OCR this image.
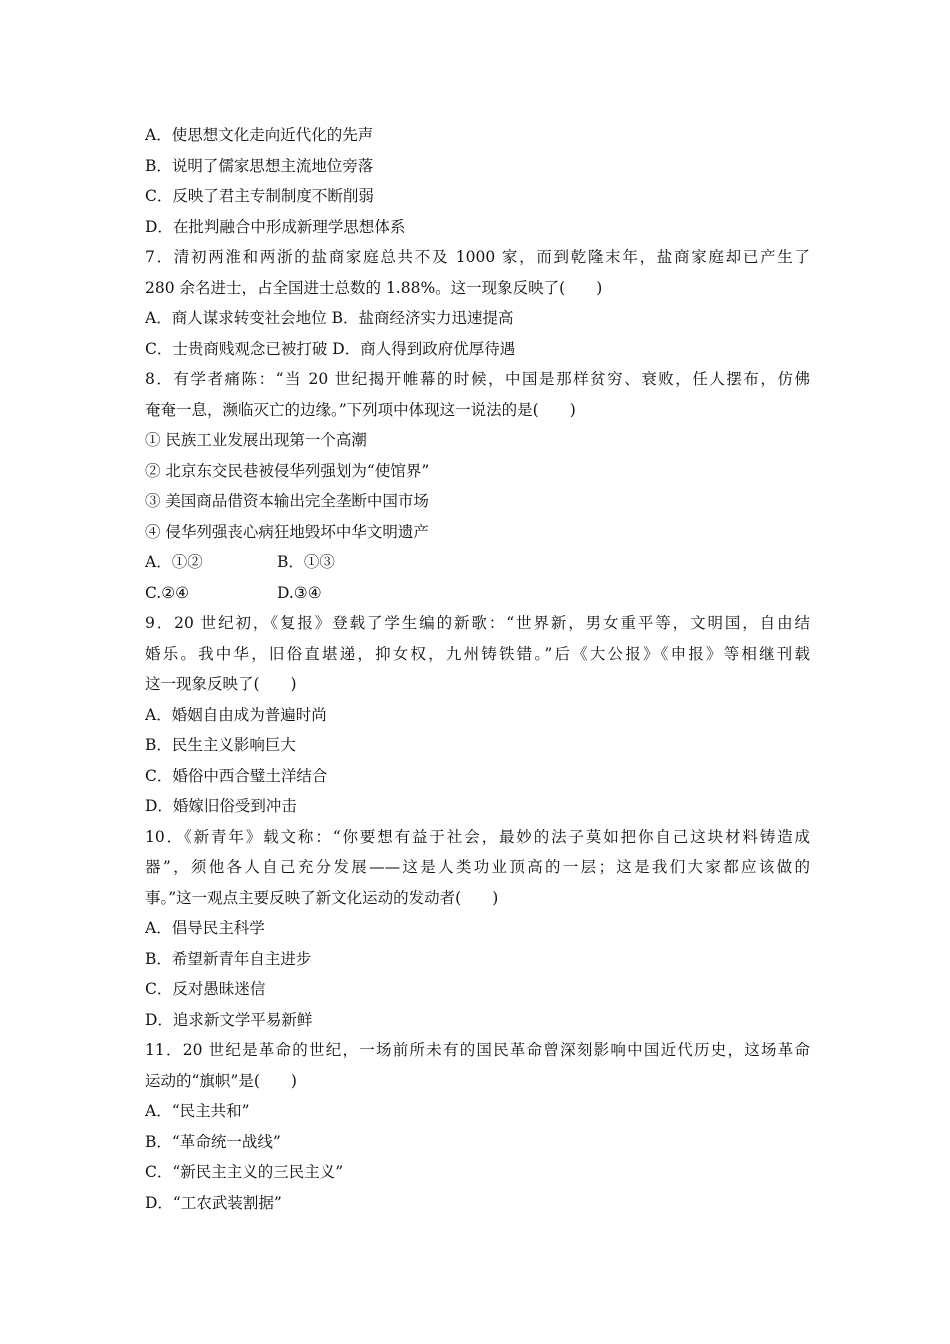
A．使思想文化走向近代化的先声
B．说明了儒家思想主流地位旁落
C．反映了君主专制制度不断削弱
D．在批判融合中形成新理学思想体系
7．清初两淮和两浙的盐商家庭总共不及 1000 家，而到乾隆末年，盐商家庭却已产生了
280 余名进士，占全国进士总数的 1.88%。这一现象反映了(　　)
A．商人谋求转变社会地位 B．盐商经济实力迅速提高
C．士贵商贱观念已被打破 D．商人得到政府优厚待遇
8．有学者痛陈：“当 20 世纪揭开帷幕的时候，中国是那样贫穷、衰败，任人摆布，仿佛
奄奄一息，濒临灭亡的边缘。”下列项中体现这一说法的是(　　)
① 民族工业发展出现第一个高潮
② 北京东交民巷被侵华列强划为“使馆界”
③ 美国商品借资本输出完全垄断中国市场
④ 侵华列强丧心病狂地毁坏中华文明遗产
A．①②	B．①③
C.②④	D.③④
9．20 世纪初，《复报》登载了学生编的新歌：“世界新，男女重平等，文明国，自由结
婚乐。我中华，旧俗直堪递，抑女权，九州铸铁错。”后《大公报》《申报》等相继刊载
这一现象反映了(　　)
A．婚姻自由成为普遍时尚
B．民生主义影响巨大
C．婚俗中西合璧土洋结合
D．婚嫁旧俗受到冲击
10．《新青年》载文称：“你要想有益于社会，最妙的法子莫如把你自己这块材料铸造成
器”，须他各人自己充分发展——这是人类功业顶高的一层；这是我们大家都应该做的
事。”这一观点主要反映了新文化运动的发动者(　　)
A．倡导民主科学
B．希望新青年自主进步
C．反对愚昧迷信
D．追求新文学平易新鲜
11．20 世纪是革命的世纪，一场前所未有的国民革命曾深刻影响中国近代历史，这场革命
运动的“旗帜”是(　　)
A．“民主共和”
B．“革命统一战线”
C．“新民主主义的三民主义”
D．“工农武装割据”
